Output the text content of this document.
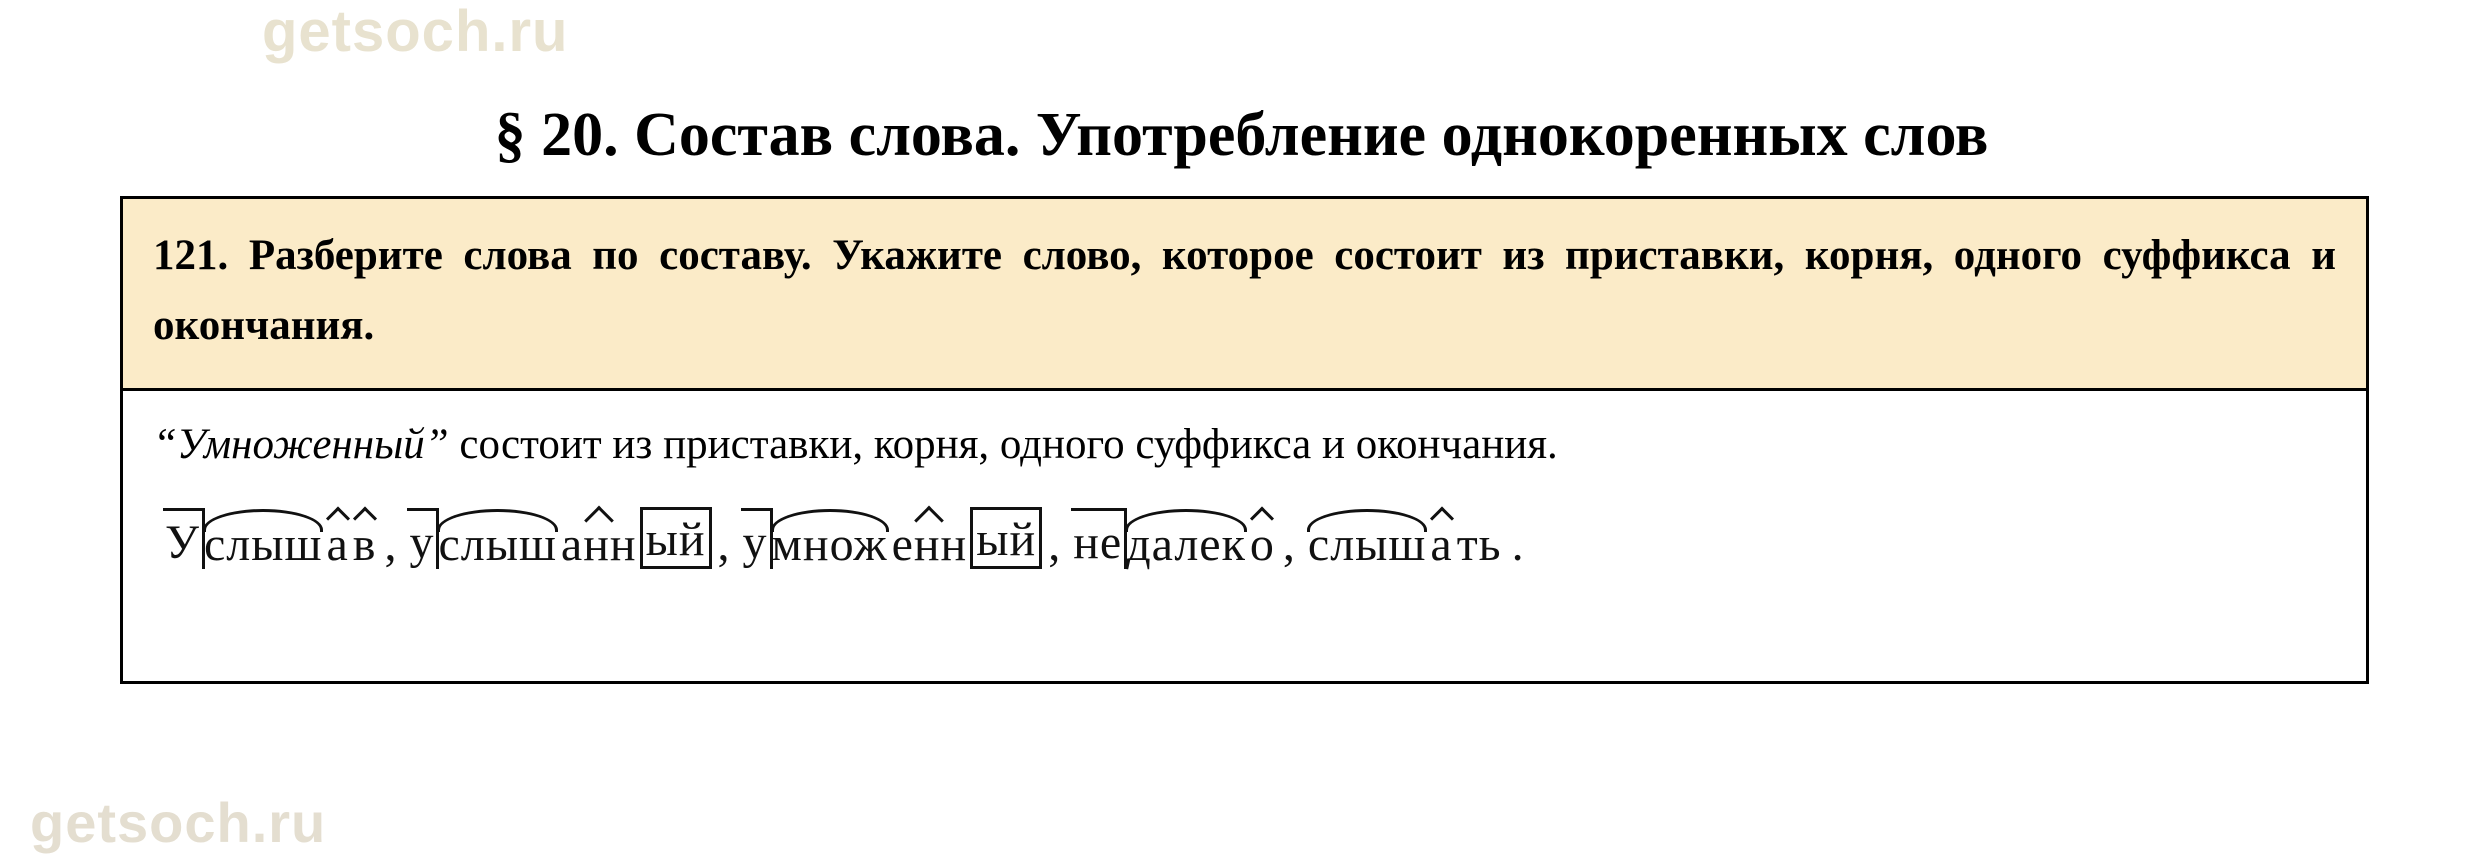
getsoch.ru
getsoch.ru
§ 20. Состав слова. Употребление однокоренных слов

121. Разберите слова по составу. Укажите слово, которое состоит из приставки, корня, одного суффикса и окончания.

“Умноженный” состоит из приставки, корня, одного суффикса и окончания.

У слыш а в , у слыш анн ый , у множ енн ый , не далек о , слыш а ть .
